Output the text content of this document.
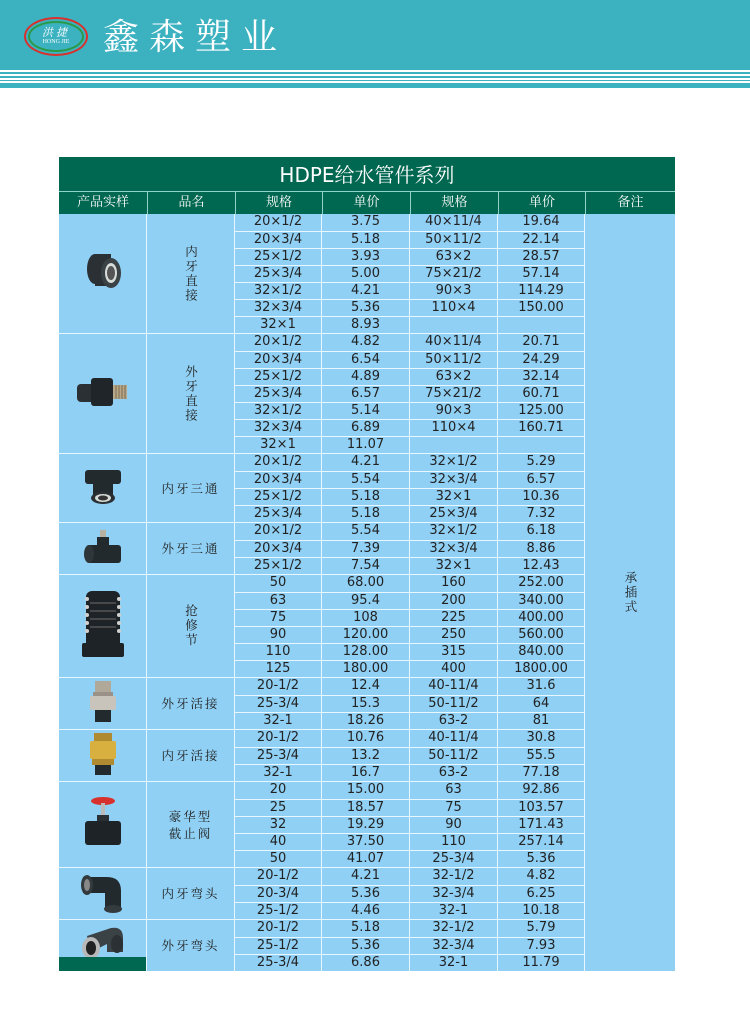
洪捷
HONG JIE 鑫森塑业
HDPE给水管件系列
产品实样	品名	规格	单价	规格	单价	备注
内牙直接
20×1/2	3.75	40×11/4	19.64
20×3/4	5.18	50×11/2	22.14
25×1/2	3.93	63×2	28.57
25×3/4	5.00	75×21/2	57.14
32×1/2	4.21	90×3	114.29
32×3/4	5.36	110×4	150.00
32×1	8.93
外牙直接
20×1/2	4.82	40×11/4	20.71
20×3/4	6.54	50×11/2	24.29
25×1/2	4.89	63×2	32.14
25×3/4	6.57	75×21/2	60.71
32×1/2	5.14	90×3	125.00
32×3/4	6.89	110×4	160.71
32×1	11.07
内牙三通
20×1/2	4.21	32×1/2	5.29
20×3/4	5.54	32×3/4	6.57
25×1/2	5.18	32×1	10.36
25×3/4	5.18	25×3/4	7.32
外牙三通
20×1/2	5.54	32×1/2	6.18
20×3/4	7.39	32×3/4	8.86
25×1/2	7.54	32×1	12.43
抢修节
50	68.00	160	252.00
63	95.4	200	340.00
75	108	225	400.00
90	120.00	250	560.00
110	128.00	315	840.00
125	180.00	400	1800.00
外牙活接
20-1/2	12.4	40-11/4	31.6
25-3/4	15.3	50-11/2	64
32-1	18.26	63-2	81
内牙活接
20-1/2	10.76	40-11/4	30.8
25-3/4	13.2	50-11/2	55.5
32-1	16.7	63-2	77.18
豪华型
截止阀
20	15.00	63	92.86
25	18.57	75	103.57
32	19.29	90	171.43
40	37.50	110	257.14
50	41.07	25-3/4	5.36
内牙弯头
20-1/2	4.21	32-1/2	4.82
20-3/4	5.36	32-3/4	6.25
25-1/2	4.46	32-1	10.18
外牙弯头
20-1/2	5.18	32-1/2	5.79
25-1/2	5.36	32-3/4	7.93
25-3/4	6.86	32-1	11.79
承插式
